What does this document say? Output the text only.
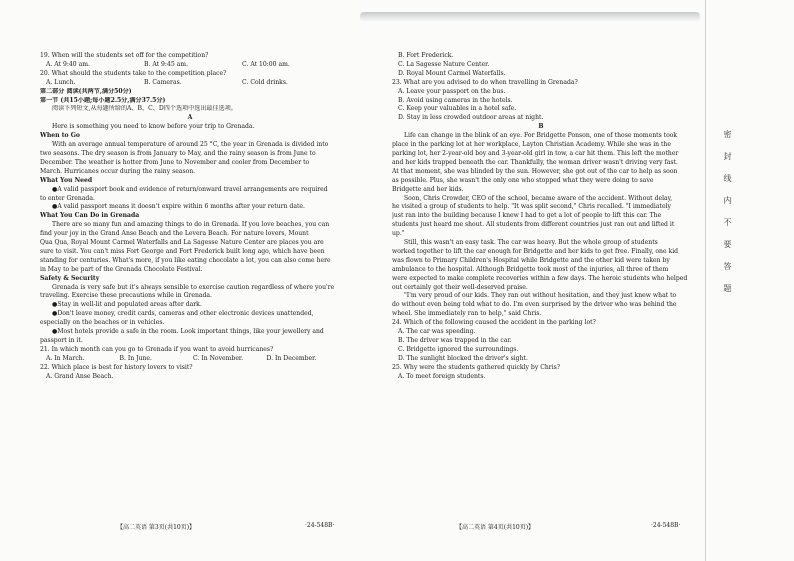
19. When will the students set off for the competition?
A. At 9:40 am.	B. At 9:45 am.	C. At 10:00 am.
20. What should the students take to the competition place?
A. Lunch.	B. Cameras.	C. Cold drinks.
第二部分 阅读(共两节,满分50分)
第一节 (共15小题;每小题2.5分,满分37.5分)
阅读下列短文,从每题所给的A、B、C、D四个选项中选出最佳选项。
A
Here is something you need to know before your trip to Grenada.
When to Go
With an average annual temperature of around 25 °C, the year in Grenada is divided into
two seasons. The dry season is from January to May, and the rainy season is from June to
December. The weather is hotter from June to November and cooler from December to
March. Hurricanes occur during the rainy season.
What You Need
●A valid passport book and evidence of return/onward travel arrangements are required
to enter Grenada.
●A valid passport means it doesn't expire within 6 months after your return date.
What You Can Do in Grenada
There are so many fun and amazing things to do in Grenada. If you love beaches, you can
find your joy in the Grand Anse Beach and the Levera Beach. For nature lovers, Mount
Qua Qua, Royal Mount Carmel Waterfalls and La Sagesse Nature Center are places you are
sure to visit. You can't miss Fort George and Fort Frederick built long ago, which have been
standing for centuries. What's more, if you like eating chocolate a lot, you can also come here
in May to be part of the Grenada Chocolate Festival.
Safety & Security
Grenada is very safe but it's always sensible to exercise caution regardless of where you're
traveling. Exercise these precautions while in Grenada.
●Stay in well-lit and populated areas after dark.
●Don't leave money, credit cards, cameras and other electronic devices unattended,
especially on the beaches or in vehicles.
●Most hotels provide a safe in the room. Look important things, like your jewellery and
passport in it.
21. In which month can you go to Grenada if you want to avoid hurricanes?
A. In March.	B. In June.	C. In November.	D. In December.
22. Which place is best for history lovers to visit?
A. Grand Anse Beach.
B. Fort Frederick.
C. La Sagesse Nature Center.
D. Royal Mount Carmel Waterfalls.
23. What are you advised to do when travelling in Grenada?
A. Leave your passport on the bus.
B. Avoid using cameras in the hotels.
C. Keep your valuables in a hotel safe.
D. Stay in less crowded outdoor areas at night.
B
Life can change in the blink of an eye. For Bridgette Ponson, one of those moments took
place in the parking lot at her workplace, Layton Christian Academy. While she was in the
parking lot, her 2-year-old boy and 3-year-old girl in tow, a car hit them. This left the mother
and her kids trapped beneath the car. Thankfully, the woman driver wasn't driving very fast.
At that moment, she was blinded by the sun. However, she got out of the car to help as soon
as possible. Plus, she wasn't the only one who stopped what they were doing to save
Bridgette and her kids.
Soon, Chris Crowder, CEO of the school, became aware of the accident. Without delay,
he visited a group of students to help. "It was split second," Chris recalled. "I immediately
just ran into the building because I knew I had to get a lot of people to lift this car. The
students just heard me shout. All students from different countries just ran out and lifted it
up."
Still, this wasn't an easy task. The car was heavy. But the whole group of students
worked together to lift the car enough for Bridgette and her kids to get free. Finally, one kid
was flown to Primary Children's Hospital while Bridgette and the other kid were taken by
ambulance to the hospital. Although Bridgette took most of the injuries, all three of them
were expected to make complete recoveries within a few days. The heroic students who helped
out certainly got their well-deserved praise.
"I'm very proud of our kids. They ran out without hesitation, and they just knew what to
do without even being told what to do. I'm even surprised by the driver who was behind the
wheel. She immediately ran to help," said Chris.
24. Which of the following caused the accident in the parking lot?
A. The car was speeding.
B. The driver was trapped in the car.
C. Bridgette ignored the surroundings.
D. The sunlight blocked the driver's sight.
25. Why were the students gathered quickly by Chris?
A. To meet foreign students.
【高二英语 第3页(共10页)】	·24-548B·	【高二英语 第4页(共10页)】	·24-548B·
密封线内不要答题
